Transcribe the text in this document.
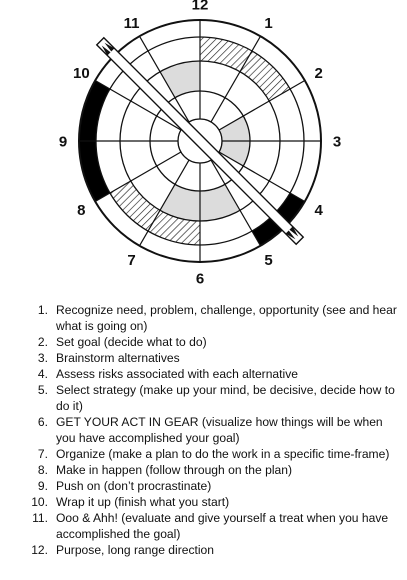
12
1
2
3
4
5
6
7
8
9
10
11
1. Recognize need, problem, challenge, opportunity (see and hear what is going on)
2. Set goal (decide what to do)
3. Brainstorm alternatives
4. Assess risks associated with each alternative
5. Select strategy (make up your mind, be decisive, decide how to do it)
6. GET YOUR ACT IN GEAR (visualize how things will be when you have accomplished your goal)
7. Organize (make a plan to do the work in a specific time-frame)
8. Make in happen (follow through on the plan)
9. Push on (don’t procrastinate)
10. Wrap it up (finish what you start)
11. Ooo & Ahh! (evaluate and give yourself a treat when you have accomplished the goal)
12. Purpose, long range direction
